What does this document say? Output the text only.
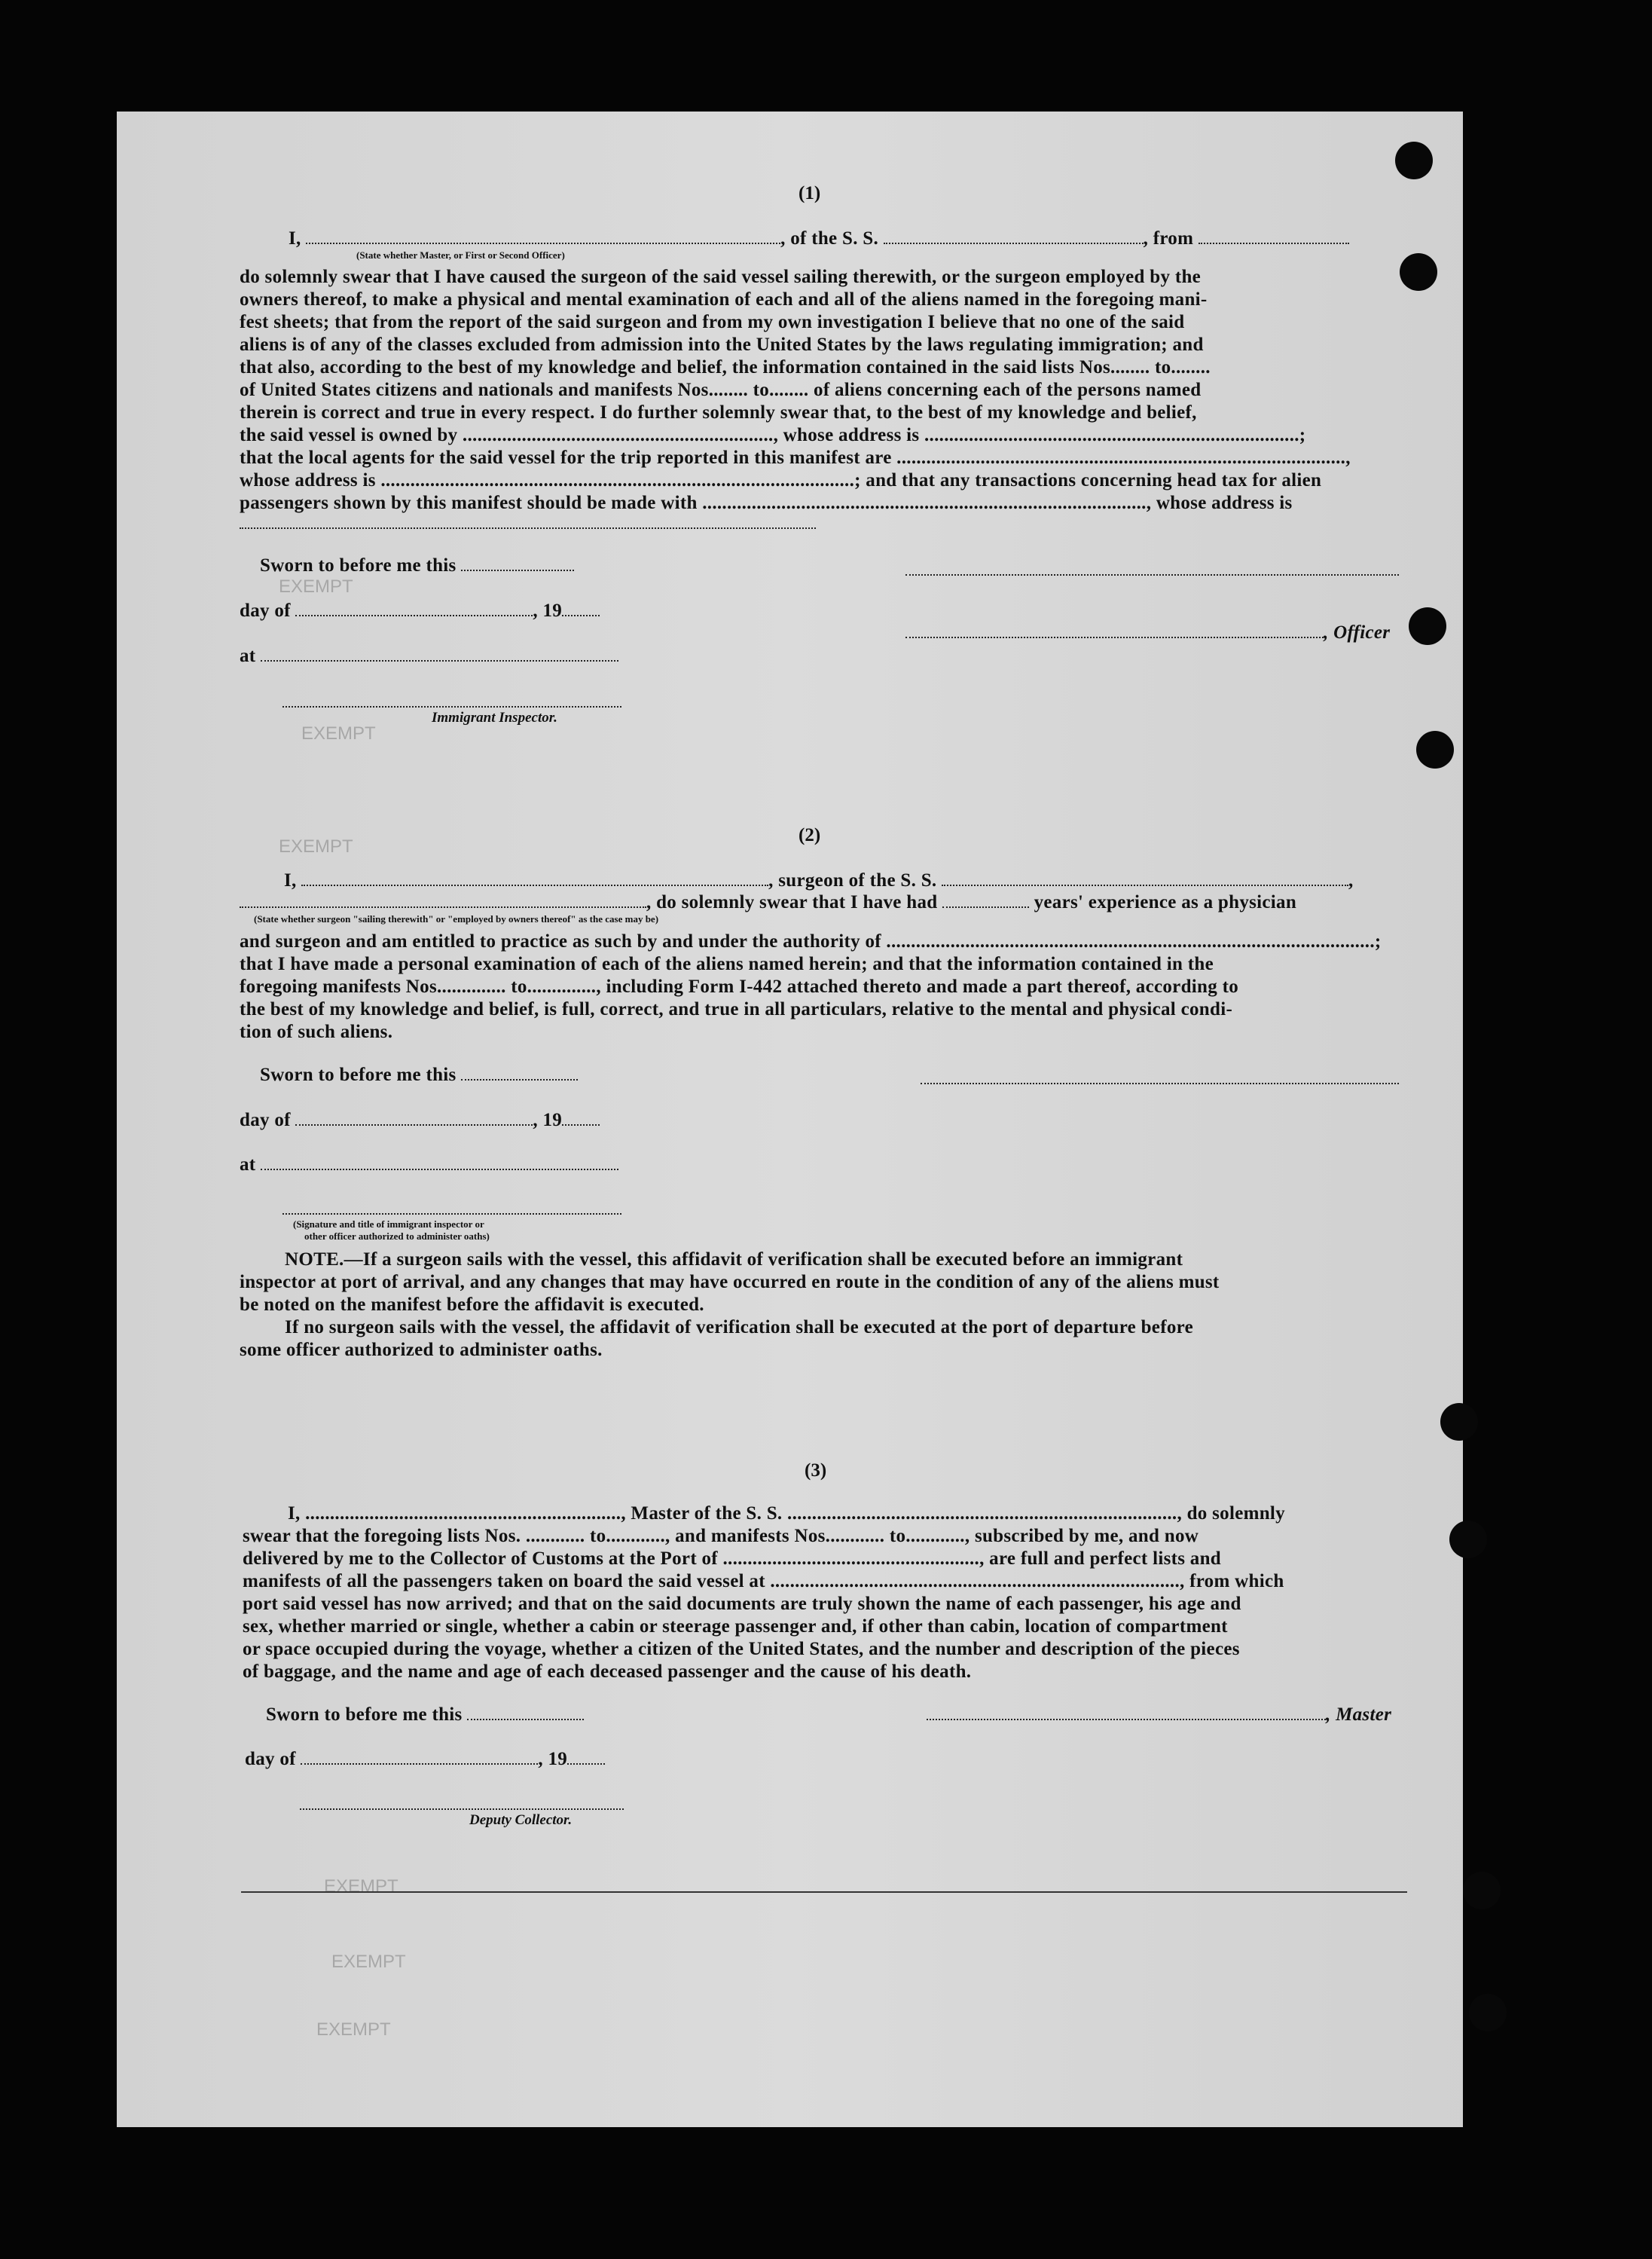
EXEMPT
EXEMPT
EXEMPT
EXEMPT
EXEMPT
EXEMPT
(1)
I,	, of the S. S.	, from
(State whether Master, or First or Second Officer)
do solemnly swear that I have caused the surgeon of the said vessel sailing therewith, or the surgeon employed by the
owners thereof, to make a physical and mental examination of each and all of the aliens named in the foregoing mani-
fest sheets; that from the report of the said surgeon and from my own investigation I believe that no one of the said
aliens is of any of the classes excluded from admission into the United States by the laws regulating immigration; and
that also, according to the best of my knowledge and belief, the information contained in the said lists Nos........ to........
of United States citizens and nationals and manifests Nos........ to........ of aliens concerning each of the persons named
therein is correct and true in every respect. I do further solemnly swear that, to the best of my knowledge and belief,
the said vessel is owned by ..............................................................., whose address is ............................................................................;
that the local agents for the said vessel for the trip reported in this manifest are ...........................................................................................,
whose address is ................................................................................................; and that any transactions concerning head tax for alien
passengers shown by this manifest should be made with .........................................................................................., whose address is
Sworn to before me this
day of	, 19
, Officer
at
Immigrant Inspector.
(2)
I,	, surgeon of the S. S.	,
, do solemnly swear that I have had	years' experience as a physician
(State whether surgeon "sailing therewith" or "employed by owners thereof" as the case may be)
and surgeon and am entitled to practice as such by and under the authority of ...................................................................................................;
that I have made a personal examination of each of the aliens named herein; and that the information contained in the
foregoing manifests Nos.............. to.............., including Form I-442 attached thereto and made a part thereof, according to
the best of my knowledge and belief, is full, correct, and true in all particulars, relative to the mental and physical condi-
tion of such aliens.
Sworn to before me this
day of	, 19
at
(Signature and title of immigrant inspector or
other officer authorized to administer oaths)
NOTE.—If a surgeon sails with the vessel, this affidavit of verification shall be executed before an immigrant
inspector at port of arrival, and any changes that may have occurred en route in the condition of any of the aliens must
be noted on the manifest before the affidavit is executed.
If no surgeon sails with the vessel, the affidavit of verification shall be executed at the port of departure before
some officer authorized to administer oaths.
(3)
I, ................................................................, Master of the S. S. ..............................................................................., do solemnly
swear that the foregoing lists Nos. ............ to............, and manifests Nos............ to............, subscribed by me, and now
delivered by me to the Collector of Customs at the Port of ...................................................., are full and perfect lists and
manifests of all the passengers taken on board the said vessel at ..................................................................................., from which
port said vessel has now arrived; and that on the said documents are truly shown the name of each passenger, his age and
sex, whether married or single, whether a cabin or steerage passenger and, if other than cabin, location of compartment
or space occupied during the voyage, whether a citizen of the United States, and the number and description of the pieces
of baggage, and the name and age of each deceased passenger and the cause of his death.
Sworn to before me this	, Master
day of	, 19
Deputy Collector.
